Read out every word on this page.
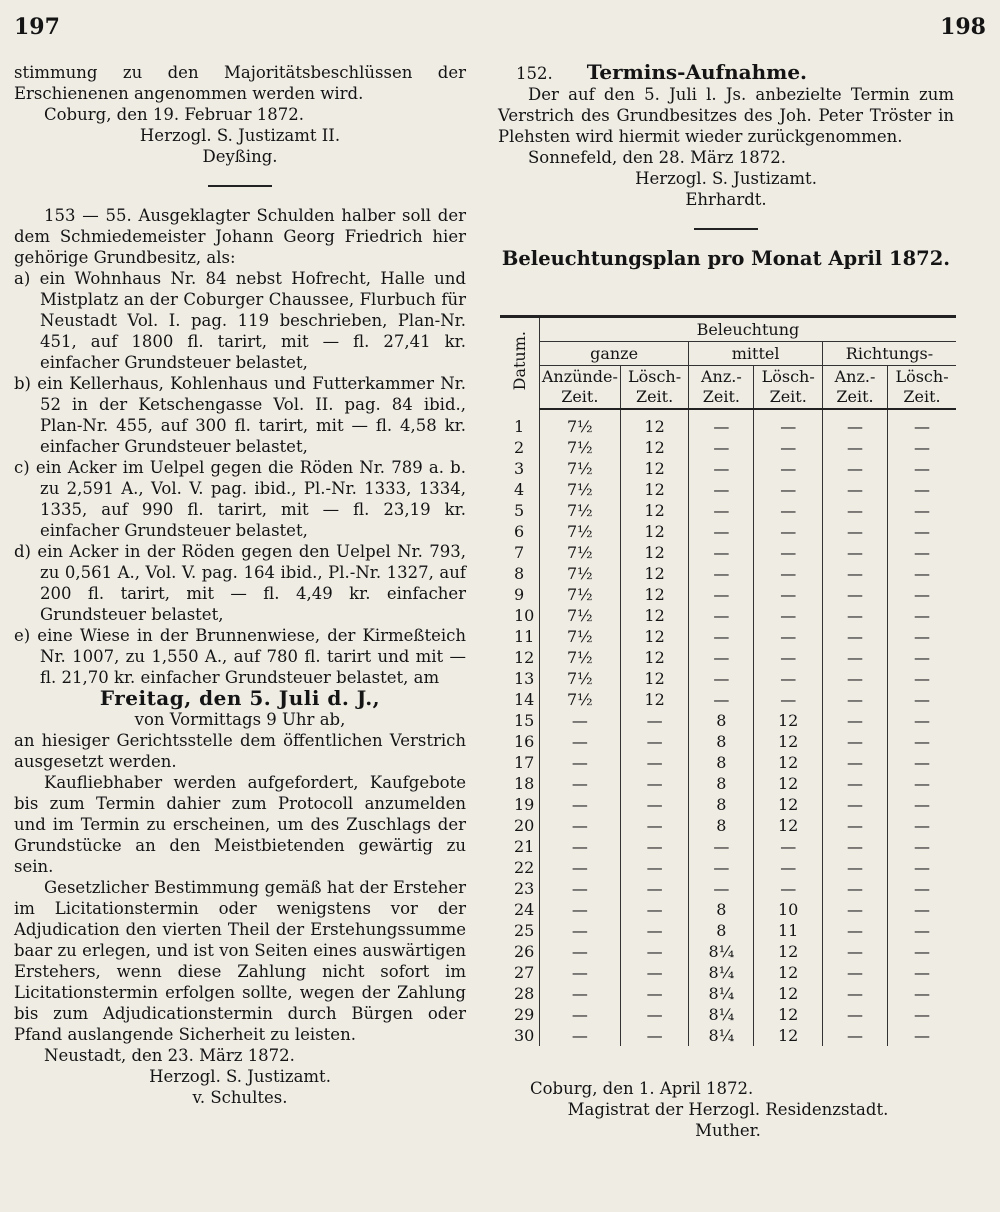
197	198

stimmung zu den Majoritätsbeschlüssen der Erschienenen angenommen werden wird.

Coburg, den 19. Februar 1872.

Herzogl. S. Justizamt II.

Deyßing.

153 — 55. Ausgeklagter Schulden halber soll der dem Schmiedemeister Johann Georg Friedrich hier gehörige Grundbesitz, als:

a) ein Wohnhaus Nr. 84 nebst Hofrecht, Halle und Mistplatz an der Coburger Chaussee, Flurbuch für Neustadt Vol. I. pag. 119 beschrieben, Plan-Nr. 451, auf 1800 fl. tarirt, mit — fl. 27,41 kr. einfacher Grundsteuer belastet,

b) ein Kellerhaus, Kohlenhaus und Futterkammer Nr. 52 in der Ketschengasse Vol. II. pag. 84 ibid., Plan-Nr. 455, auf 300 fl. tarirt, mit — fl. 4,58 kr. einfacher Grundsteuer belastet,

c) ein Acker im Uelpel gegen die Röden Nr. 789 a. b. zu 2,591 A., Vol. V. pag. ibid., Pl.-Nr. 1333, 1334, 1335, auf 990 fl. tarirt, mit — fl. 23,19 kr. einfacher Grundsteuer belastet,

d) ein Acker in der Röden gegen den Uelpel Nr. 793, zu 0,561 A., Vol. V. pag. 164 ibid., Pl.-Nr. 1327, auf 200 fl. tarirt, mit — fl. 4,49 kr. einfacher Grundsteuer belastet,

e) eine Wiese in der Brunnenwiese, der Kirmeßteich Nr. 1007, zu 1,550 A., auf 780 fl. tarirt und mit — fl. 21,70 kr. einfacher Grundsteuer belastet, am

Freitag, den 5. Juli d. J.,

von Vormittags 9 Uhr ab,

an hiesiger Gerichtsstelle dem öffentlichen Verstrich ausgesetzt werden.

Kaufliebhaber werden aufgefordert, Kaufgebote bis zum Termin dahier zum Protocoll anzumelden und im Termin zu erscheinen, um des Zuschlags der Grundstücke an den Meistbietenden gewärtig zu sein.

Gesetzlicher Bestimmung gemäß hat der Ersteher im Licitationstermin oder wenigstens vor der Adjudication den vierten Theil der Erstehungssumme baar zu erlegen, und ist von Seiten eines auswärtigen Erstehers, wenn diese Zahlung nicht sofort im Licitationstermin erfolgen sollte, wegen der Zahlung bis zum Adjudicationstermin durch Bürgen oder Pfand auslangende Sicherheit zu leisten.

Neustadt, den 23. März 1872.

Herzogl. S. Justizamt.

v. Schultes.

152. Termins-Aufnahme.

Der auf den 5. Juli l. Js. anbezielte Termin zum Verstrich des Grundbesitzes des Joh. Peter Tröster in Plehsten wird hiermit wieder zurückgenommen.

Sonnefeld, den 28. März 1872.

Herzogl. S. Justizamt.

Ehrhardt.

Beleuchtungsplan pro Monat April 1872.

Datum.	Beleuchtung					
	ganze		mittel		Richtungs-	
	Anzünde-Zeit.	Lösch-Zeit.	Anz.-Zeit.	Lösch-Zeit.	Anz.-Zeit.	Lösch-Zeit.
1	7½	12	—	—	—	—
2	7½	12	—	—	—	—
3	7½	12	—	—	—	—
4	7½	12	—	—	—	—
5	7½	12	—	—	—	—
6	7½	12	—	—	—	—
7	7½	12	—	—	—	—
8	7½	12	—	—	—	—
9	7½	12	—	—	—	—
10	7½	12	—	—	—	—
11	7½	12	—	—	—	—
12	7½	12	—	—	—	—
13	7½	12	—	—	—	—
14	7½	12	—	—	—	—
15	—	—	8	12	—	—
16	—	—	8	12	—	—
17	—	—	8	12	—	—
18	—	—	8	12	—	—
19	—	—	8	12	—	—
20	—	—	8	12	—	—
21	—	—	—	—	—	—
22	—	—	—	—	—	—
23	—	—	—	—	—	—
24	—	—	8	10	—	—
25	—	—	8	11	—	—
26	—	—	8¼	12	—	—
27	—	—	8¼	12	—	—
28	—	—	8¼	12	—	—
29	—	—	8¼	12	—	—
30	—	—	8¼	12	—	—

Coburg, den 1. April 1872.

Magistrat der Herzogl. Residenzstadt.

Muther.
